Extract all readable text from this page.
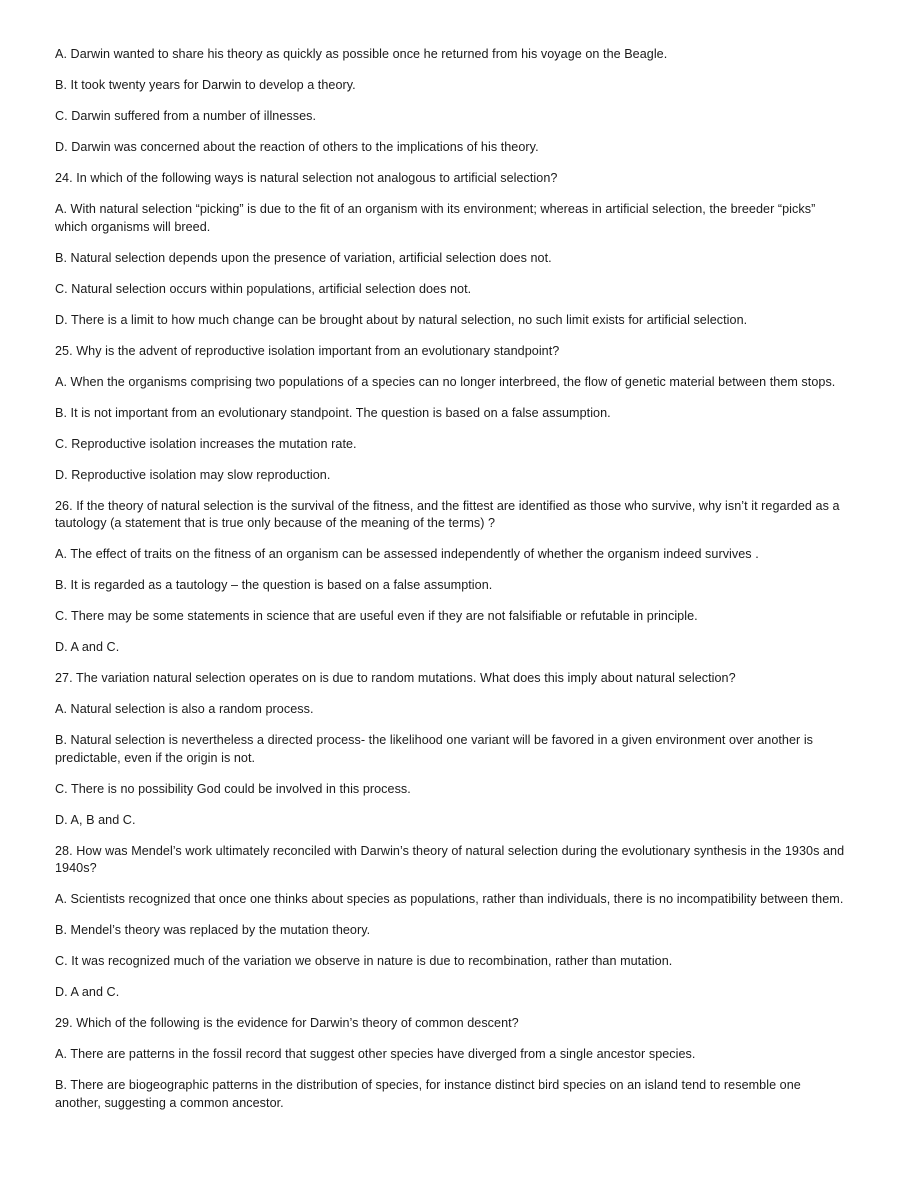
A. Darwin wanted to share his theory as quickly as possible once he returned from his voyage on the Beagle.

B. It took twenty years for Darwin to develop a theory.

C. Darwin suffered from a number of illnesses.

D. Darwin was concerned about the reaction of others to the implications of his theory.

24. In which of the following ways is natural selection not analogous to artificial selection?

A. With natural selection “picking” is due to the fit of an organism with its environment; whereas in artificial selection, the breeder “picks” which organisms will breed.

B. Natural selection depends upon the presence of variation, artificial selection does not.

C. Natural selection occurs within populations, artificial selection does not.

D. There is a limit to how much change can be brought about by natural selection, no such limit exists for artificial selection.

25. Why is the advent of reproductive isolation important from an evolutionary standpoint?

A. When the organisms comprising two populations of a species can no longer interbreed, the flow of genetic material between them stops.

B. It is not important from an evolutionary standpoint. The question is based on a false assumption.

C. Reproductive isolation increases the mutation rate.

D. Reproductive isolation may slow reproduction.

26. If the theory of natural selection is the survival of the fitness, and the fittest are identified as those who survive, why isn’t it regarded as a tautology (a statement that is true only because of the meaning of the terms) ?

A. The effect of traits on the fitness of an organism can be assessed independently of whether the organism indeed survives .

B. It is regarded as a tautology – the question is based on a false assumption.

C. There may be some statements in science that are useful even if they are not falsifiable or refutable in principle.

D. A and C.

27. The variation natural selection operates on is due to random mutations. What does this imply about natural selection?

A. Natural selection is also a random process.

B. Natural selection is nevertheless a directed process- the likelihood one variant will be favored in a given environment over another is predictable, even if the origin is not.

C. There is no possibility God could be involved in this process.

D. A, B and C.

28. How was Mendel’s work ultimately reconciled with Darwin’s theory of natural selection during the evolutionary synthesis in the 1930s and 1940s?

A. Scientists recognized that once one thinks about species as populations, rather than individuals, there is no incompatibility between them.

B. Mendel’s theory was replaced by the mutation theory.

C. It was recognized much of the variation we observe in nature is due to recombination, rather than mutation.

D. A and C.

29. Which of the following is the evidence for Darwin’s theory of common descent?

A. There are patterns in the fossil record that suggest other species have diverged from a single ancestor species.

B. There are biogeographic patterns in the distribution of species, for instance distinct bird species on an island tend to resemble one another, suggesting a common ancestor.
